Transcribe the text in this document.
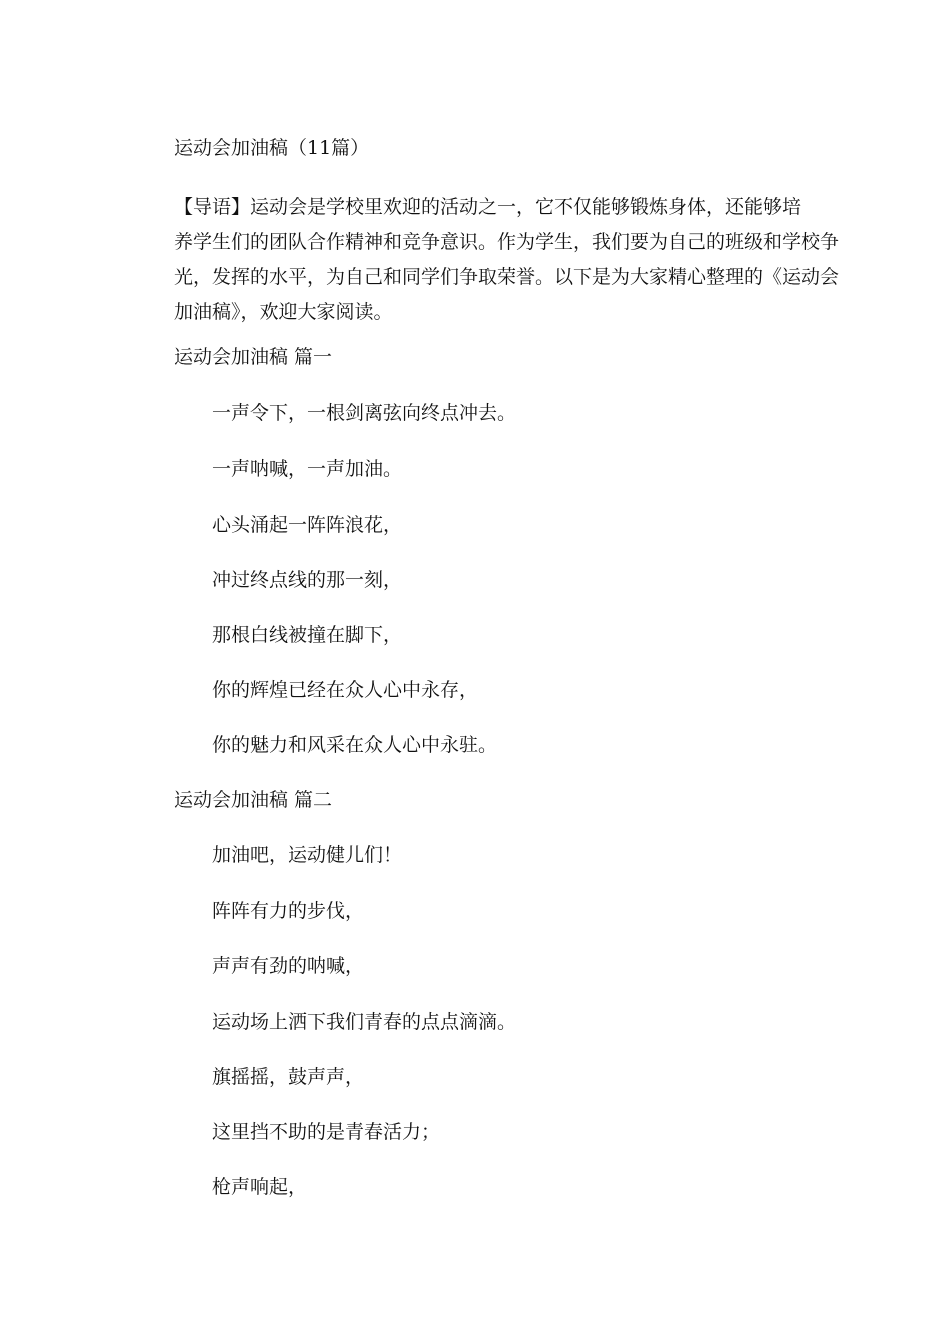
运动会加油稿（11篇）
【导语】运动会是学校里欢迎的活动之一，它不仅能够锻炼身体，还能够培
养学生们的团队合作精神和竞争意识。作为学生，我们要为自己的班级和学校争
光，发挥的水平，为自己和同学们争取荣誉。以下是为大家精心整理的《运动会
加油稿》，欢迎大家阅读。
运动会加油稿 篇一
一声令下，一根剑离弦向终点冲去。
一声呐喊，一声加油。
心头涌起一阵阵浪花，
冲过终点线的那一刻，
那根白线被撞在脚下，
你的辉煌已经在众人心中永存，
你的魅力和风采在众人心中永驻。
运动会加油稿 篇二
加油吧，运动健儿们！
阵阵有力的步伐，
声声有劲的呐喊，
运动场上洒下我们青春的点点滴滴。
旗摇摇，鼓声声，
这里挡不助的是青春活力；
枪声响起，
